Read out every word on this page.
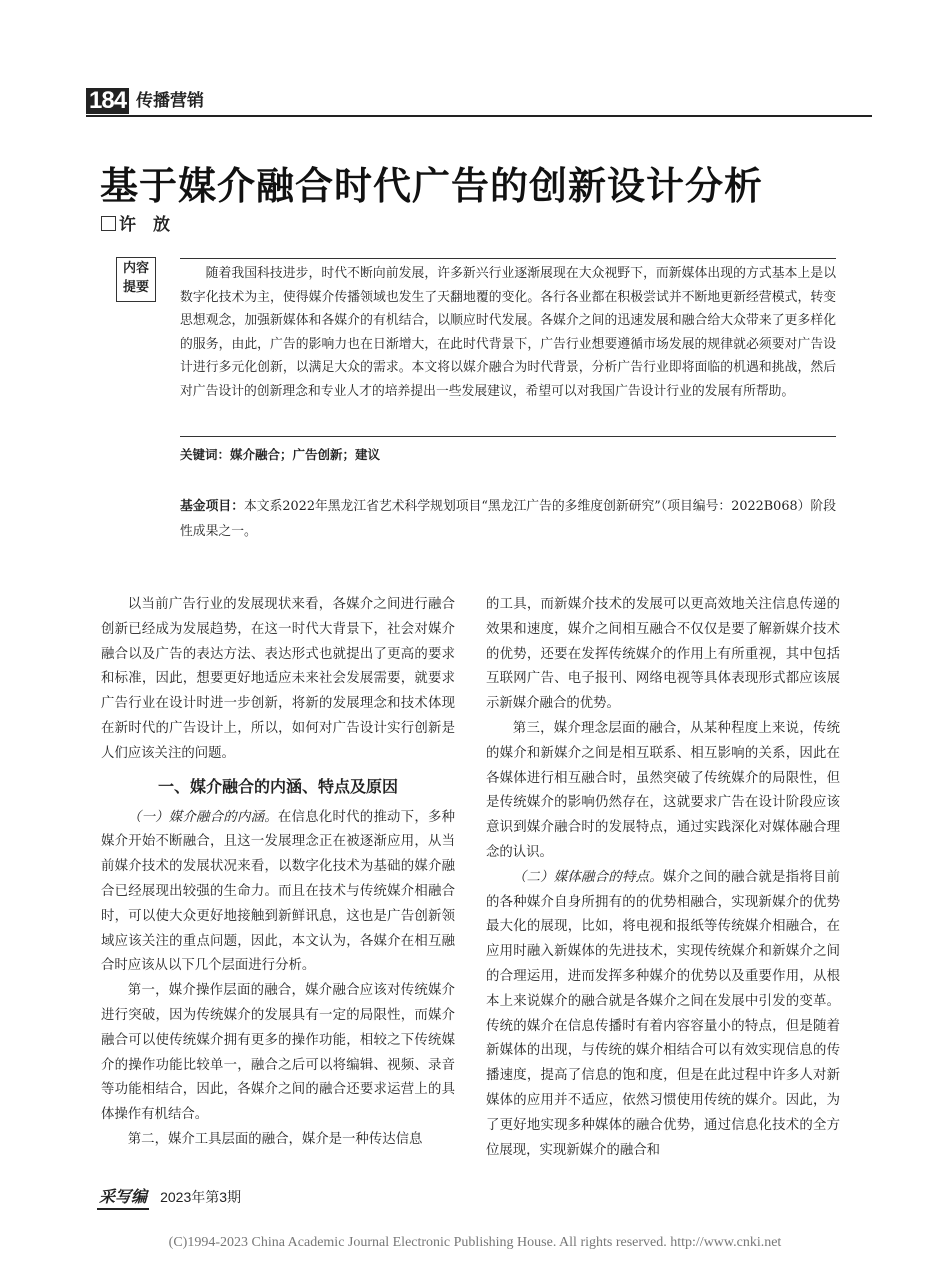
184 传播营销
基于媒介融合时代广告的创新设计分析
许　放
内容
提要
随着我国科技进步，时代不断向前发展，许多新兴行业逐渐展现在大众视野下，而新媒体出现的方式基本上是以数字化技术为主，使得媒介传播领域也发生了天翻地覆的变化。各行各业都在积极尝试并不断地更新经营模式，转变思想观念，加强新媒体和各媒介的有机结合，以顺应时代发展。各媒介之间的迅速发展和融合给大众带来了更多样化的服务，由此，广告的影响力也在日渐增大，在此时代背景下，广告行业想要遵循市场发展的规律就必须要对广告设计进行多元化创新，以满足大众的需求。本文将以媒介融合为时代背景，分析广告行业即将面临的机遇和挑战，然后对广告设计的创新理念和专业人才的培养提出一些发展建议，希望可以对我国广告设计行业的发展有所帮助。
关键词：媒介融合；广告创新；建议
基金项目：本文系2022年黑龙江省艺术科学规划项目“黑龙江广告的多维度创新研究”（项目编号：2022B068）阶段性成果之一。

以当前广告行业的发展现状来看，各媒介之间进行融合创新已经成为发展趋势，在这一时代大背景下，社会对媒介融合以及广告的表达方法、表达形式也就提出了更高的要求和标准，因此，想要更好地适应未来社会发展需要，就要求广告行业在设计时进一步创新，将新的发展理念和技术体现在新时代的广告设计上，所以，如何对广告设计实行创新是人们应该关注的问题。

一、媒介融合的内涵、特点及原因

（一）媒介融合的内涵。在信息化时代的推动下，多种媒介开始不断融合，且这一发展理念正在被逐渐应用，从当前媒介技术的发展状况来看，以数字化技术为基础的媒介融合已经展现出较强的生命力。而且在技术与传统媒介相融合时，可以使大众更好地接触到新鲜讯息，这也是广告创新领域应该关注的重点问题，因此，本文认为，各媒介在相互融合时应该从以下几个层面进行分析。

第一，媒介操作层面的融合，媒介融合应该对传统媒介进行突破，因为传统媒介的发展具有一定的局限性，而媒介融合可以使传统媒介拥有更多的操作功能，相较之下传统媒介的操作功能比较单一，融合之后可以将编辑、视频、录音等功能相结合，因此，各媒介之间的融合还要求运营上的具体操作有机结合。

第二，媒介工具层面的融合，媒介是一种传达信息

的工具，而新媒介技术的发展可以更高效地关注信息传递的效果和速度，媒介之间相互融合不仅仅是要了解新媒介技术的优势，还要在发挥传统媒介的作用上有所重视，其中包括互联网广告、电子报刊、网络电视等具体表现形式都应该展示新媒介融合的优势。

第三，媒介理念层面的融合，从某种程度上来说，传统的媒介和新媒介之间是相互联系、相互影响的关系，因此在各媒体进行相互融合时，虽然突破了传统媒介的局限性，但是传统媒介的影响仍然存在，这就要求广告在设计阶段应该意识到媒介融合时的发展特点，通过实践深化对媒体融合理念的认识。

（二）媒体融合的特点。媒介之间的融合就是指将目前的各种媒介自身所拥有的的优势相融合，实现新媒介的优势最大化的展现，比如，将电视和报纸等传统媒介相融合，在应用时融入新媒体的先进技术，实现传统媒介和新媒介之间的合理运用，进而发挥多种媒介的优势以及重要作用，从根本上来说媒介的融合就是各媒介之间在发展中引发的变革。传统的媒介在信息传播时有着内容容量小的特点，但是随着新媒体的出现，与传统的媒介相结合可以有效实现信息的传播速度，提高了信息的饱和度，但是在此过程中许多人对新媒体的应用并不适应，依然习惯使用传统的媒介。因此，为了更好地实现多种媒体的融合优势，通过信息化技术的全方位展现，实现新媒介的融合和

采写编 2023年第3期
(C)1994-2023 China Academic Journal Electronic Publishing House. All rights reserved. http://www.cnki.net
